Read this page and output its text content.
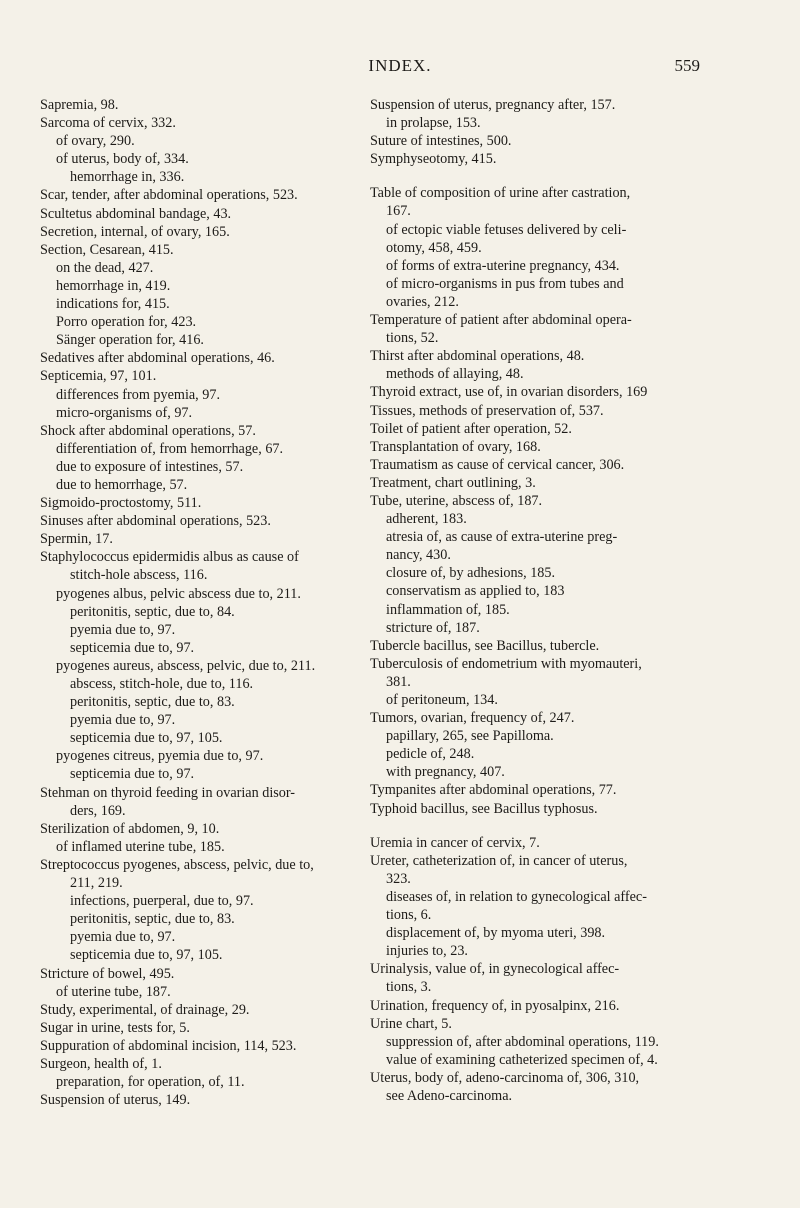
INDEX.	559
Sapremia, 98.
Sarcoma of cervix, 332.
of ovary, 290.
of uterus, body of, 334.
hemorrhage in, 336.
Scar, tender, after abdominal operations, 523.
Scultetus abdominal bandage, 43.
Secretion, internal, of ovary, 165.
Section, Cesarean, 415.
on the dead, 427.
hemorrhage in, 419.
indications for, 415.
Porro operation for, 423.
Sänger operation for, 416.
Sedatives after abdominal operations, 46.
Septicemia, 97, 101.
differences from pyemia, 97.
micro-organisms of, 97.
Shock after abdominal operations, 57.
differentiation of, from hemorrhage, 67.
due to exposure of intestines, 57.
due to hemorrhage, 57.
Sigmoido-proctostomy, 511.
Sinuses after abdominal operations, 523.
Spermin, 17.
Staphylococcus epidermidis albus as cause of
stitch-hole abscess, 116.
pyogenes albus, pelvic abscess due to, 211.
peritonitis, septic, due to, 84.
pyemia due to, 97.
septicemia due to, 97.
pyogenes aureus, abscess, pelvic, due to, 211.
abscess, stitch-hole, due to, 116.
peritonitis, septic, due to, 83.
pyemia due to, 97.
septicemia due to, 97, 105.
pyogenes citreus, pyemia due to, 97.
septicemia due to, 97.
Stehman on thyroid feeding in ovarian disor-
ders, 169.
Sterilization of abdomen, 9, 10.
of inflamed uterine tube, 185.
Streptococcus pyogenes, abscess, pelvic, due to,
211, 219.
infections, puerperal, due to, 97.
peritonitis, septic, due to, 83.
pyemia due to, 97.
septicemia due to, 97, 105.
Stricture of bowel, 495.
of uterine tube, 187.
Study, experimental, of drainage, 29.
Sugar in urine, tests for, 5.
Suppuration of abdominal incision, 114, 523.
Surgeon, health of, 1.
preparation, for operation, of, 11.
Suspension of uterus, 149.
Suspension of uterus, pregnancy after, 157.
in prolapse, 153.
Suture of intestines, 500.
Symphyseotomy, 415.
Table of composition of urine after castration,
167.
of ectopic viable fetuses delivered by celi-
otomy, 458, 459.
of forms of extra-uterine pregnancy, 434.
of micro-organisms in pus from tubes and
ovaries, 212.
Temperature of patient after abdominal opera-
tions, 52.
Thirst after abdominal operations, 48.
methods of allaying, 48.
Thyroid extract, use of, in ovarian disorders, 169
Tissues, methods of preservation of, 537.
Toilet of patient after operation, 52.
Transplantation of ovary, 168.
Traumatism as cause of cervical cancer, 306.
Treatment, chart outlining, 3.
Tube, uterine, abscess of, 187.
adherent, 183.
atresia of, as cause of extra-uterine preg-
nancy, 430.
closure of, by adhesions, 185.
conservatism as applied to, 183
inflammation of, 185.
stricture of, 187.
Tubercle bacillus, see Bacillus, tubercle.
Tuberculosis of endometrium with myomauteri,
381.
of peritoneum, 134.
Tumors, ovarian, frequency of, 247.
papillary, 265, see Papilloma.
pedicle of, 248.
with pregnancy, 407.
Tympanites after abdominal operations, 77.
Typhoid bacillus, see Bacillus typhosus.
Uremia in cancer of cervix, 7.
Ureter, catheterization of, in cancer of uterus,
323.
diseases of, in relation to gynecological affec-
tions, 6.
displacement of, by myoma uteri, 398.
injuries to, 23.
Urinalysis, value of, in gynecological affec-
tions, 3.
Urination, frequency of, in pyosalpinx, 216.
Urine chart, 5.
suppression of, after abdominal operations, 119.
value of examining catheterized specimen of, 4.
Uterus, body of, adeno-carcinoma of, 306, 310,
see Adeno-carcinoma.
